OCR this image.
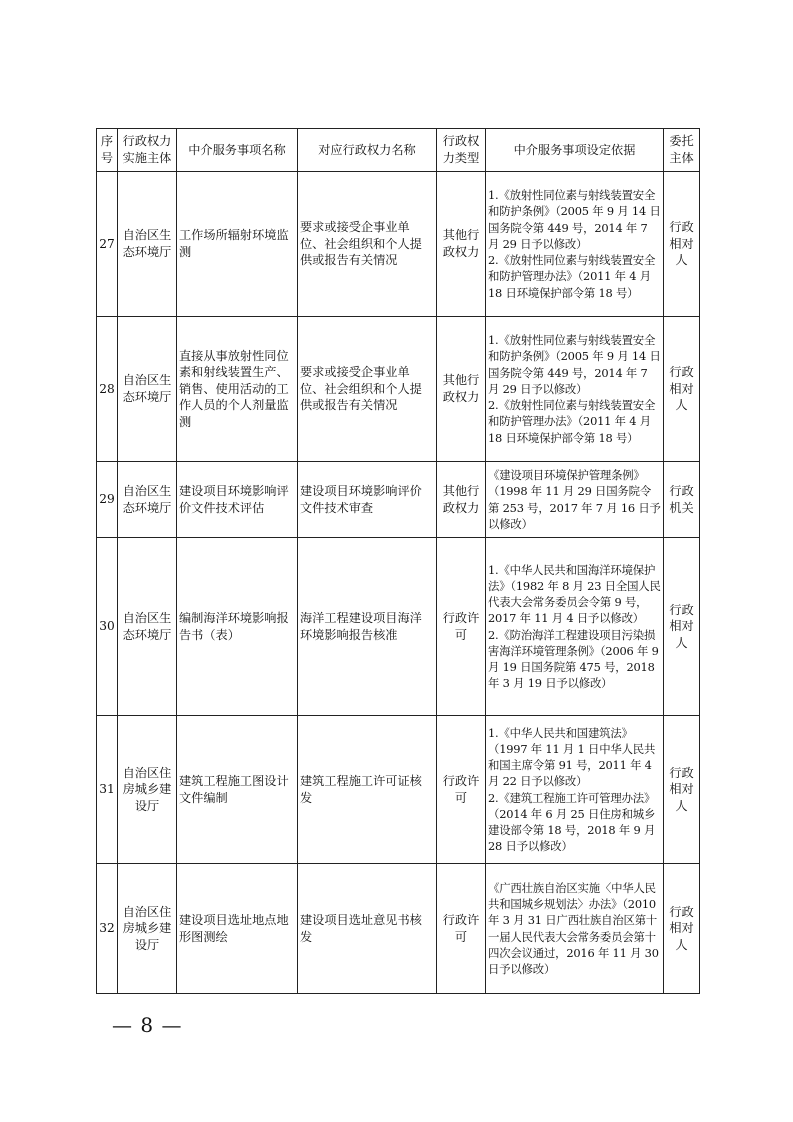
序号	行政权力实施主体	中介服务事项名称	对应行政权力名称	行政权力类型	中介服务事项设定依据	委托主体
27	自治区生态环境厅	工作场所辐射环境监测	要求或接受企事业单位、社会组织和个人提供或报告有关情况	其他行政权力	1.《放射性同位素与射线装置安全和防护条例》（2005 年 9 月 14 日国务院令第 449 号，2014 年 7 月 29 日予以修改）
2.《放射性同位素与射线装置安全和防护管理办法》（2011 年 4 月 18 日环境保护部令第 18 号）	行政相对人
28	自治区生态环境厅	直接从事放射性同位素和射线装置生产、销售、使用活动的工作人员的个人剂量监测	要求或接受企事业单位、社会组织和个人提供或报告有关情况	其他行政权力	1.《放射性同位素与射线装置安全和防护条例》（2005 年 9 月 14 日国务院令第 449 号，2014 年 7 月 29 日予以修改）
2.《放射性同位素与射线装置安全和防护管理办法》（2011 年 4 月 18 日环境保护部令第 18 号）	行政相对人
29	自治区生态环境厅	建设项目环境影响评价文件技术评估	建设项目环境影响评价文件技术审查	其他行政权力	《建设项目环境保护管理条例》（1998 年 11 月 29 日国务院令第 253 号，2017 年 7 月 16 日予以修改）	行政机关
30	自治区生态环境厅	编制海洋环境影响报告书（表）	海洋工程建设项目海洋环境影响报告核准	行政许可	1.《中华人民共和国海洋环境保护法》（1982 年 8 月 23 日全国人民代表大会常务委员会令第 9 号，2017 年 11 月 4 日予以修改）
2.《防治海洋工程建设项目污染损害海洋环境管理条例》（2006 年 9 月 19 日国务院第 475 号，2018 年 3 月 19 日予以修改）	行政相对人
31	自治区住房城乡建设厅	建筑工程施工图设计文件编制	建筑工程施工许可证核发	行政许可	1.《中华人民共和国建筑法》（1997 年 11 月 1 日中华人民共和国主席令第 91 号，2011 年 4 月 22 日予以修改）
2.《建筑工程施工许可管理办法》（2014 年 6 月 25 日住房和城乡建设部令第 18 号，2018 年 9 月 28 日予以修改）	行政相对人
32	自治区住房城乡建设厅	建设项目选址地点地形图测绘	建设项目选址意见书核发	行政许可	《广西壮族自治区实施〈中华人民共和国城乡规划法〉办法》（2010 年 3 月 31 日广西壮族自治区第十一届人民代表大会常务委员会第十四次会议通过，2016 年 11 月 30 日予以修改）	行政相对人
— 8 —
